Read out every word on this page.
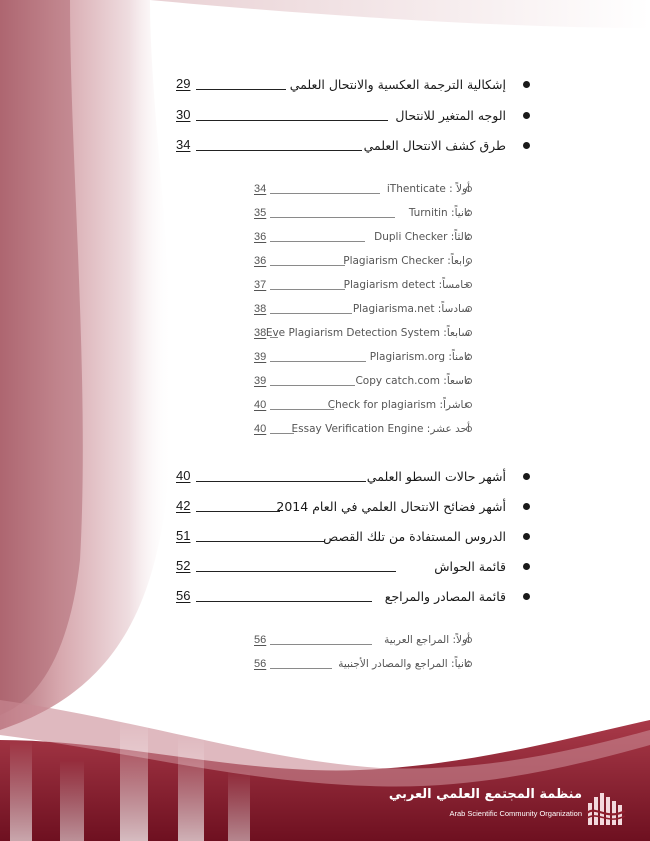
29	إشكالية الترجمة العكسية والانتحال العلمي
30	الوجه المتغير للانتحال
34	طرق كشف الانتحال العلمي
34	أولاً : iThenticate
35	ثانياً: Turnitin
36	ثالثاً: Dupli Checker
36	رابعاً: Plagiarism Checker
37	خامساً: Plagiarism detect
38	سادساً: Plagiarisma.net
38 سابعاً: Eve Plagiarism Detection System
39	ثامناً: Plagiarism.org
39	تاسعاً: Copy catch.com
40	عاشراً: Check for plagiarism
40 أحد عشر: Essay Verification Engine
40	أشهر حالات السطو العلمي
42	أشهر فضائح الانتحال العلمي في العام 2014
51	الدروس المستفادة من تلك القصص
52	قائمة الحواش
56	قائمة المصادر والمراجع
56	أولاً: المراجع العربية
56	ثانياً: المراجع والمصادر الأجنبية
منظمة المجتمع العلمي العربي
Arab Scientific Community Organization
